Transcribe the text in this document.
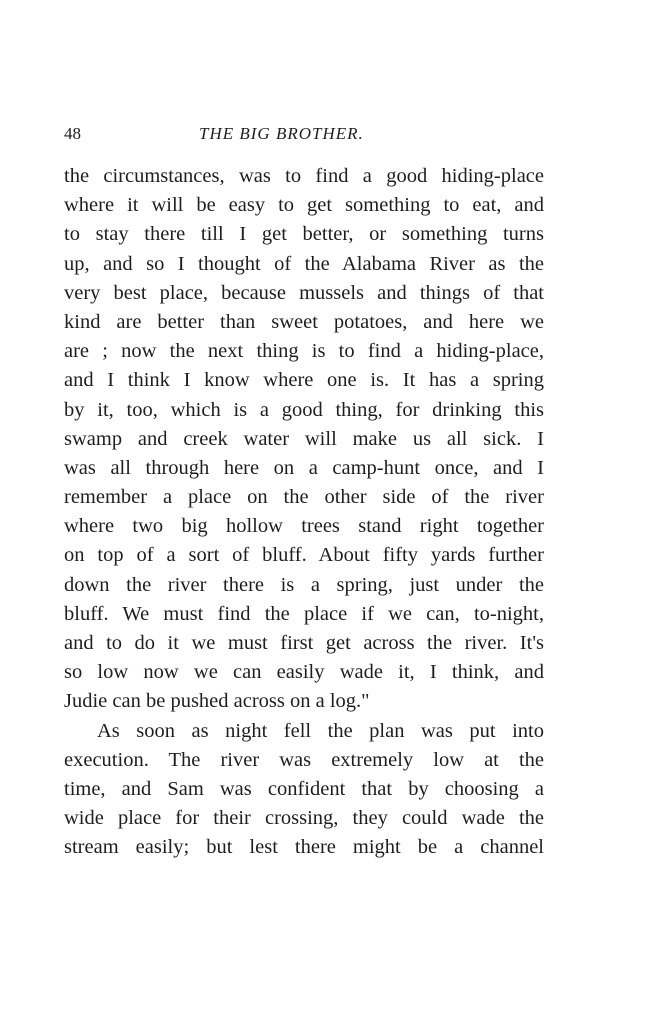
48	THE BIG BROTHER.
the circumstances, was to find a good hiding-place
where it will be easy to get something to eat, and
to stay there till I get better, or something turns
up, and so I thought of the Alabama River as the
very best place, because mussels and things of that
kind are better than sweet potatoes, and here we
are ; now the next thing is to find a hiding-place,
and I think I know where one is. It has a spring
by it, too, which is a good thing, for drinking this
swamp and creek water will make us all sick. I
was all through here on a camp-hunt once, and I
remember a place on the other side of the river
where two big hollow trees stand right together
on top of a sort of bluff. About fifty yards further
down the river there is a spring, just under the
bluff. We must find the place if we can, to-night,
and to do it we must first get across the river. It's
so low now we can easily wade it, I think, and
Judie can be pushed across on a log."
As soon as night fell the plan was put into
execution. The river was extremely low at the
time, and Sam was confident that by choosing a
wide place for their crossing, they could wade the
stream easily; but lest there might be a channel
